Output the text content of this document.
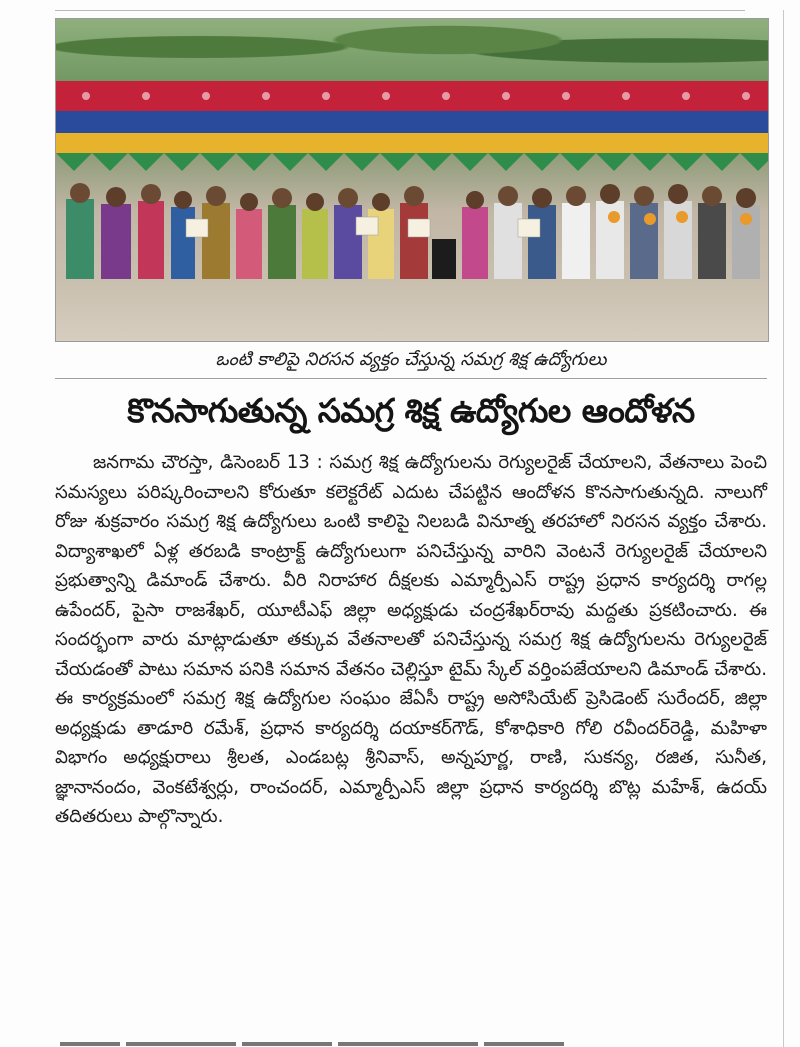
ఒంటి కాలిపై నిరసన వ్యక్తం చేస్తున్న సమగ్ర శిక్ష ఉద్యోగులు
కొనసాగుతున్న సమగ్ర శిక్ష ఉద్యోగుల ఆందోళన
జనగామ చౌరస్తా, డిసెంబర్ 13 : సమగ్ర శిక్ష ఉద్యోగులను రెగ్యులరైజ్ చేయాలని, వేతనాలు పెంచి సమస్యలు పరిష్కరించాలని కోరుతూ కలెక్టరేట్ ఎదుట చేపట్టిన ఆందోళన కొనసాగుతున్నది. నాలుగో రోజు శుక్రవారం సమగ్ర శిక్ష ఉద్యోగులు ఒంటి కాలిపై నిలబడి వినూత్న తరహాలో నిరసన వ్యక్తం చేశారు. విద్యాశాఖలో ఏళ్ల తరబడి కాంట్రాక్ట్ ఉద్యోగులుగా పనిచేస్తున్న వారిని వెంటనే రెగ్యులరైజ్ చేయాలని ప్రభుత్వాన్ని డిమాండ్ చేశారు. వీరి నిరాహార దీక్షలకు ఎమ్మార్పీఎస్ రాష్ట్ర ప్రధాన కార్యదర్శి రాగల్ల ఉపేందర్, పైసా రాజశేఖర్, యూటీఎఫ్ జిల్లా అధ్యక్షుడు చంద్రశేఖర్‌రావు మద్దతు ప్రకటించారు. ఈ సందర్భంగా వారు మాట్లాడుతూ తక్కువ వేతనాలతో పనిచేస్తున్న సమగ్ర శిక్ష ఉద్యోగులను రెగ్యులరైజ్ చేయడంతో పాటు సమాన పనికి సమాన వేతనం చెల్లిస్తూ టైమ్ స్కేల్ వర్తింపజేయాలని డిమాండ్ చేశారు. ఈ కార్యక్రమంలో సమగ్ర శిక్ష ఉద్యోగుల సంఘం జేఏసీ రాష్ట్ర అసోసియేట్ ప్రెసిడెంట్ సురేందర్, జిల్లా అధ్యక్షుడు తాడూరి రమేశ్, ప్రధాన కార్యదర్శి దయాకర్‌గౌడ్, కోశాధికారి గోలి రవీందర్‌రెడ్డి, మహిళా విభాగం అధ్యక్షురాలు శ్రీలత, ఎండబట్ల శ్రీనివాస్, అన్నపూర్ణ, రాణి, సుకన్య, రజిత, సునీత, జ్ఞానానందం, వెంకటేశ్వర్లు, రాంచందర్, ఎమ్మార్పీఎస్ జిల్లా ప్రధాన కార్యదర్శి బొట్ల మహేశ్, ఉదయ్ తదితరులు పాల్గొన్నారు.
